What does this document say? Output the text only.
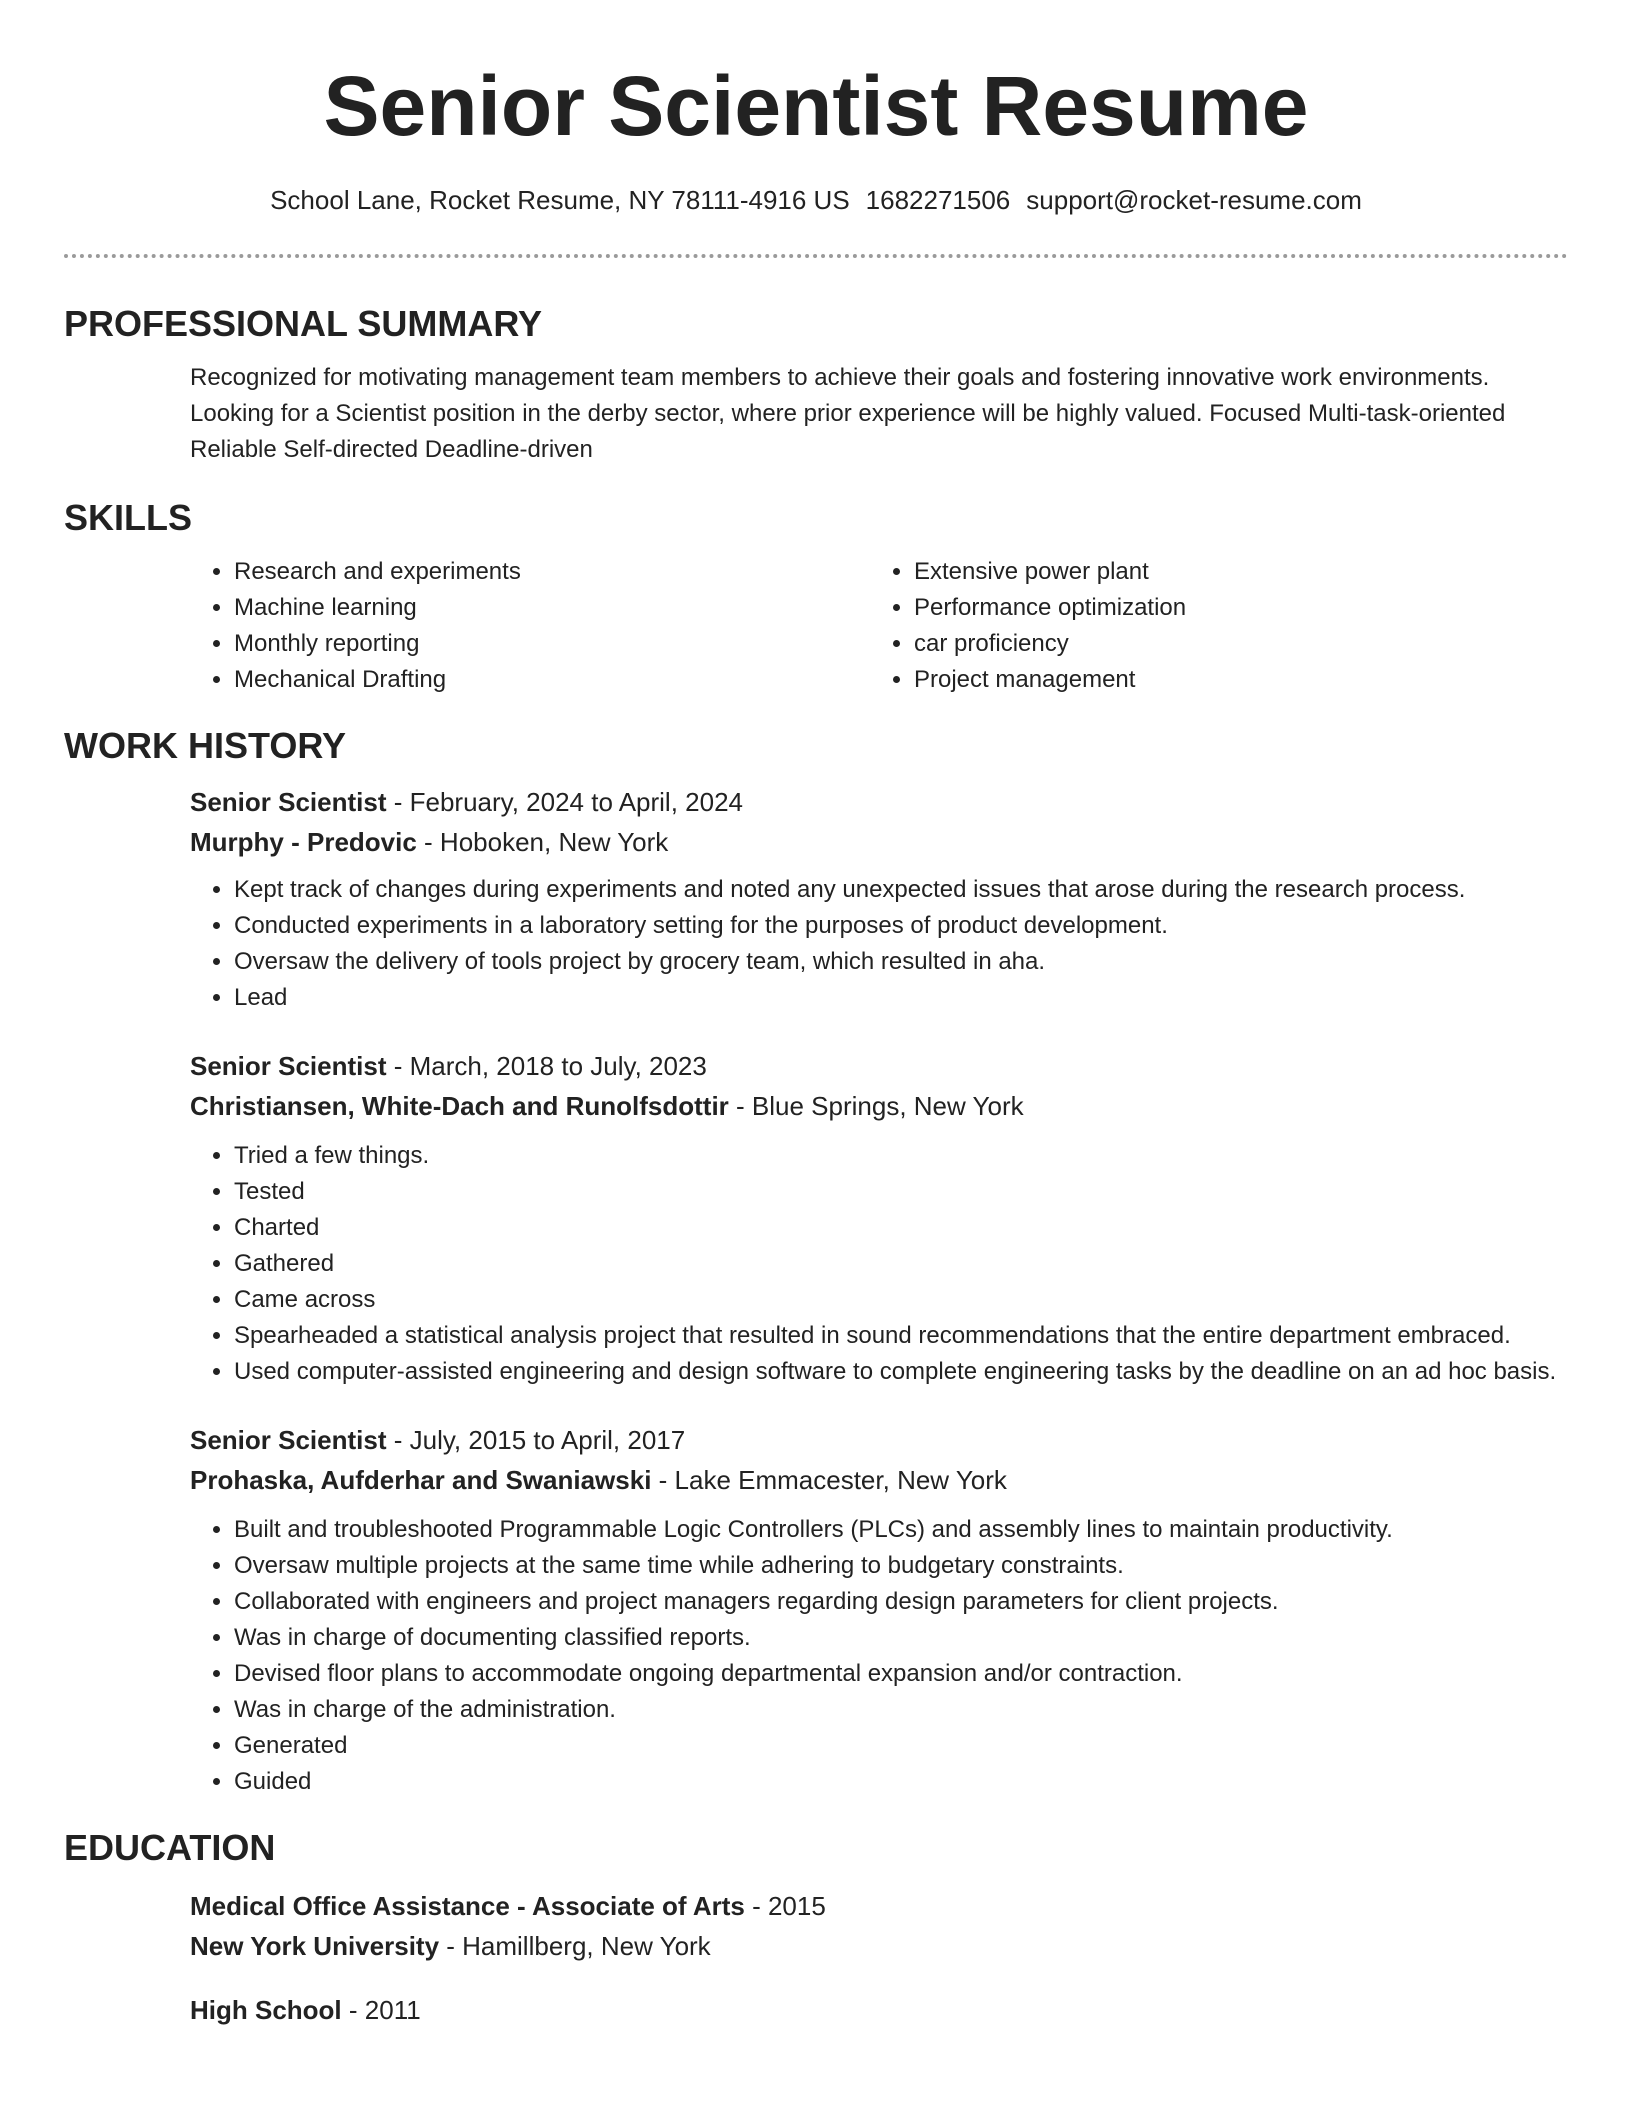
Senior Scientist Resume
School Lane, Rocket Resume, NY 78111-4916 US 1682271506 support@rocket-resume.com
PROFESSIONAL SUMMARY
Recognized for motivating management team members to achieve their goals and fostering innovative work environments. Looking for a Scientist position in the derby sector, where prior experience will be highly valued. Focused Multi-task-oriented Reliable Self-directed Deadline-driven
SKILLS
• Research and experiments
• Machine learning
• Monthly reporting
• Mechanical Drafting
• Extensive power plant
• Performance optimization
• car proficiency
• Project management
WORK HISTORY
Senior Scientist - February, 2024 to April, 2024
Murphy - Predovic - Hoboken, New York
• Kept track of changes during experiments and noted any unexpected issues that arose during the research process.
• Conducted experiments in a laboratory setting for the purposes of product development.
• Oversaw the delivery of tools project by grocery team, which resulted in aha.
• Lead
Senior Scientist - March, 2018 to July, 2023
Christiansen, White-Dach and Runolfsdottir - Blue Springs, New York
• Tried a few things.
• Tested
• Charted
• Gathered
• Came across
• Spearheaded a statistical analysis project that resulted in sound recommendations that the entire department embraced.
• Used computer-assisted engineering and design software to complete engineering tasks by the deadline on an ad hoc basis.
Senior Scientist - July, 2015 to April, 2017
Prohaska, Aufderhar and Swaniawski - Lake Emmacester, New York
• Built and troubleshooted Programmable Logic Controllers (PLCs) and assembly lines to maintain productivity.
• Oversaw multiple projects at the same time while adhering to budgetary constraints.
• Collaborated with engineers and project managers regarding design parameters for client projects.
• Was in charge of documenting classified reports.
• Devised floor plans to accommodate ongoing departmental expansion and/or contraction.
• Was in charge of the administration.
• Generated
• Guided
EDUCATION
Medical Office Assistance - Associate of Arts - 2015
New York University - Hamillberg, New York
High School - 2011
